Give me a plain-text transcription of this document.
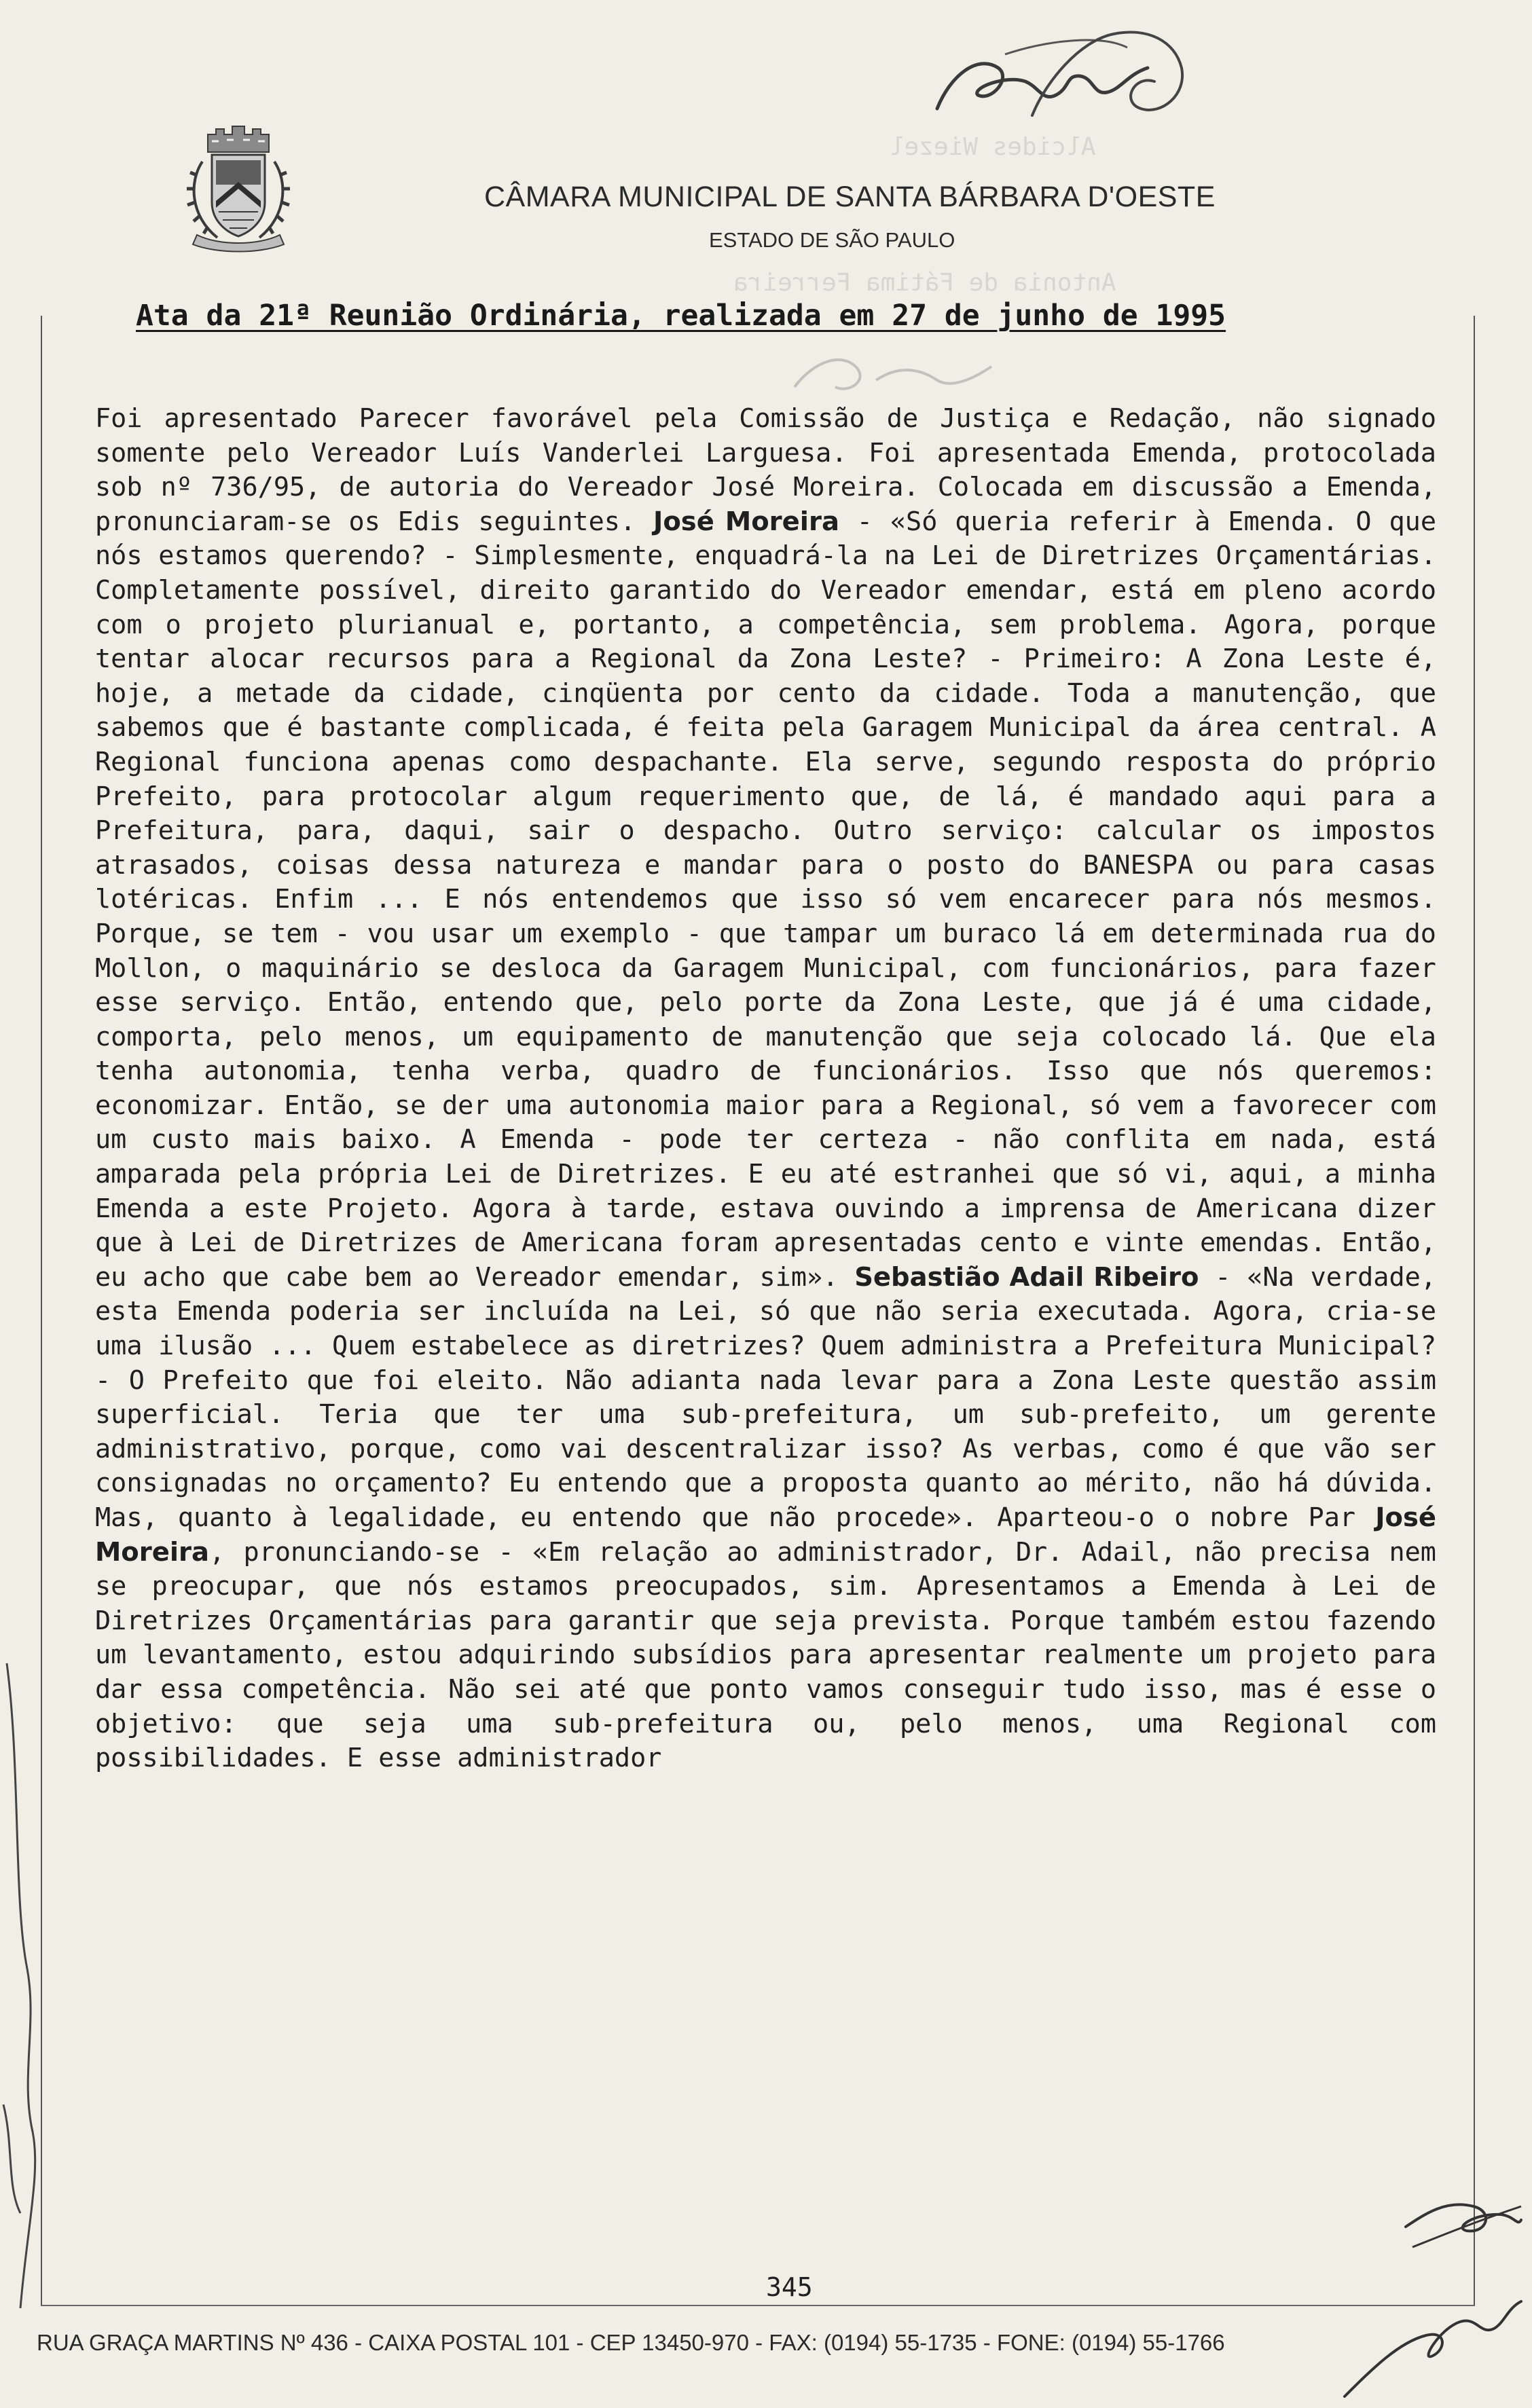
Alcides Wiezel
Antonia de Fátima Ferreira
CÂMARA MUNICIPAL DE SANTA BÁRBARA D'OESTE
ESTADO DE SÃO PAULO
Ata da 21ª Reunião Ordinária, realizada em 27 de junho de 1995

Foi apresentado Parecer favorável pela Comissão de Justiça e Redação, não signado somente pelo Vereador Luís Vanderlei Larguesa. Foi apresentada Emenda, protocolada sob nº 736/95, de autoria do Vereador José Moreira. Colocada em discussão a Emenda, pronunciaram-se os Edis seguintes. José Moreira - «Só queria referir à Emenda. O que nós estamos querendo? - Simplesmente, enquadrá-la na Lei de Diretrizes Orçamentárias. Completamente possível, direito garantido do Vereador emendar, está em pleno acordo com o projeto plurianual e, portanto, a competência, sem problema. Agora, porque tentar alocar recursos para a Regional da Zona Leste? - Primeiro: A Zona Leste é, hoje, a metade da cidade, cinqüenta por cento da cidade. Toda a manutenção, que sabemos que é bastante complicada, é feita pela Garagem Municipal da área central. A Regional funciona apenas como despachante. Ela serve, segundo resposta do próprio Prefeito, para protocolar algum requerimento que, de lá, é mandado aqui para a Prefeitura, para, daqui, sair o despacho. Outro serviço: calcular os impostos atrasados, coisas dessa natureza e mandar para o posto do BANESPA ou para casas lotéricas. Enfim ... E nós entendemos que isso só vem encarecer para nós mesmos. Porque, se tem - vou usar um exemplo - que tampar um buraco lá em determinada rua do Mollon, o maquinário se desloca da Garagem Municipal, com funcionários, para fazer esse serviço. Então, entendo que, pelo porte da Zona Leste, que já é uma cidade, comporta, pelo menos, um equipamento de manutenção que seja colocado lá. Que ela tenha autonomia, tenha verba, quadro de funcionários. Isso que nós queremos: economizar. Então, se der uma autonomia maior para a Regional, só vem a favorecer com um custo mais baixo. A Emenda - pode ter certeza - não conflita em nada, está amparada pela própria Lei de Diretrizes. E eu até estranhei que só vi, aqui, a minha Emenda a este Projeto. Agora à tarde, estava ouvindo a imprensa de Americana dizer que à Lei de Diretrizes de Americana foram apresentadas cento e vinte emendas. Então, eu acho que cabe bem ao Vereador emendar, sim». Sebastião Adail Ribeiro - «Na verdade, esta Emenda poderia ser incluída na Lei, só que não seria executada. Agora, cria-se uma ilusão ... Quem estabelece as diretrizes? Quem administra a Prefeitura Municipal? - O Prefeito que foi eleito. Não adianta nada levar para a Zona Leste questão assim superficial. Teria que ter uma sub-prefeitura, um sub-prefeito, um gerente administrativo, porque, como vai descentralizar isso? As verbas, como é que vão ser consignadas no orçamento? Eu entendo que a proposta quanto ao mérito, não há dúvida. Mas, quanto à legalidade, eu entendo que não procede». Aparteou-o o nobre Par José Moreira, pronunciando-se - «Em relação ao administrador, Dr. Adail, não precisa nem se preocupar, que nós estamos preocupados, sim. Apresentamos a Emenda à Lei de Diretrizes Orçamentárias para garantir que seja prevista. Porque também estou fazendo um levantamento, estou adquirindo subsídios para apresentar realmente um projeto para dar essa competência. Não sei até que ponto vamos conseguir tudo isso, mas é esse o objetivo: que seja uma sub-prefeitura ou, pelo menos, uma Regional com possibilidades. E esse administrador

345
RUA GRAÇA MARTINS Nº 436 - CAIXA POSTAL 101 - CEP 13450-970 - FAX: (0194) 55-1735 - FONE: (0194) 55-1766
